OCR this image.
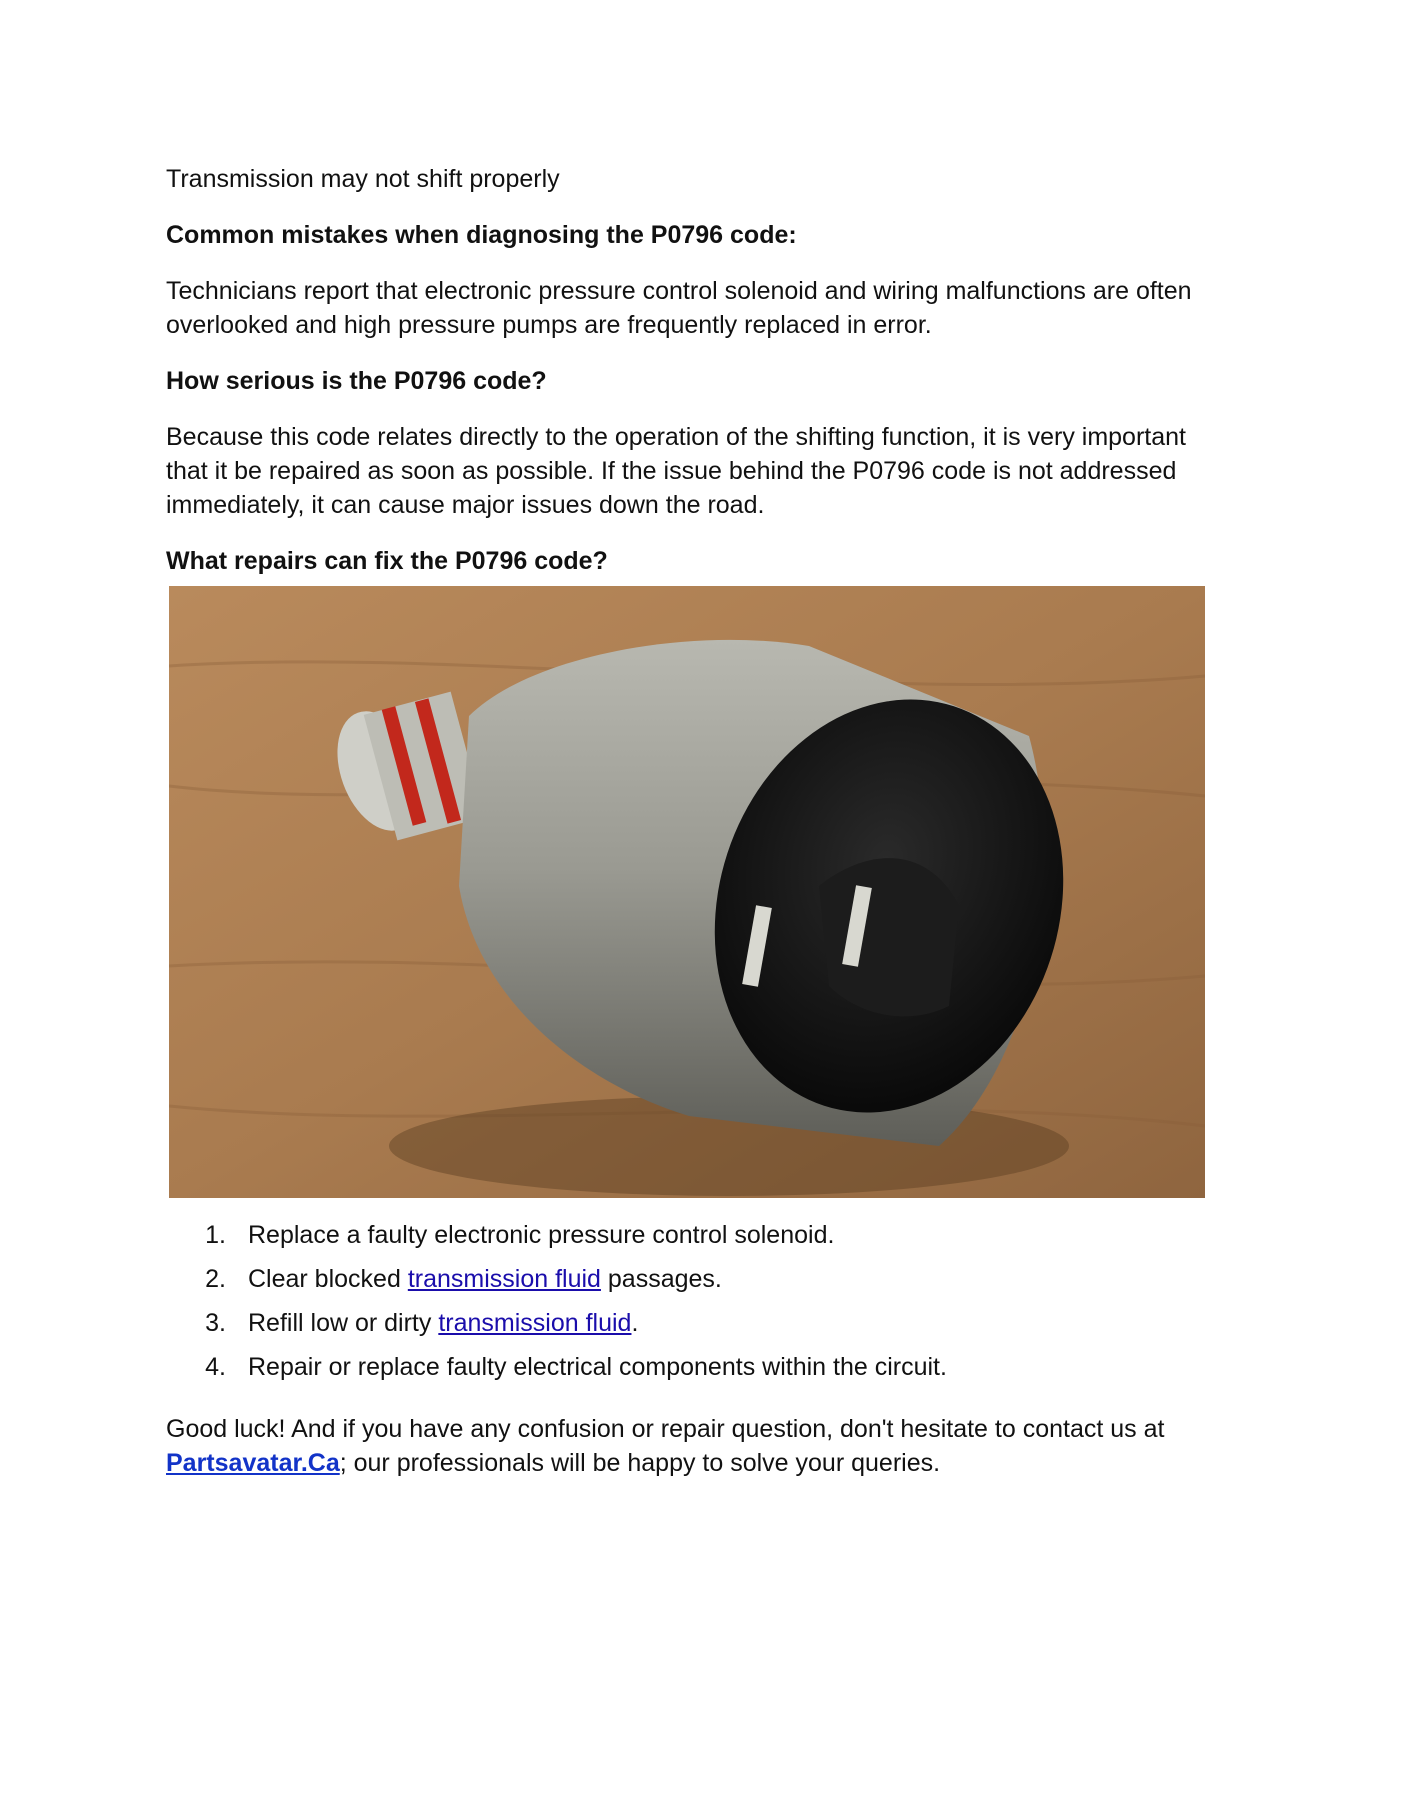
Transmission may not shift properly

Common mistakes when diagnosing the P0796 code:

Technicians report that electronic pressure control solenoid and wiring malfunctions are often overlooked and high pressure pumps are frequently replaced in error.

How serious is the P0796 code?

Because this code relates directly to the operation of the shifting function, it is very important that it be repaired as soon as possible. If the issue behind the P0796 code is not addressed immediately, it can cause major issues down the road.

What repairs can fix the P0796 code?

1. Replace a faulty electronic pressure control solenoid.
2. Clear blocked transmission fluid passages.
3. Refill low or dirty transmission fluid.
4. Repair or replace faulty electrical components within the circuit.

Good luck! And if you have any confusion or repair question, don't hesitate to contact us at Partsavatar.Ca; our professionals will be happy to solve your queries.
